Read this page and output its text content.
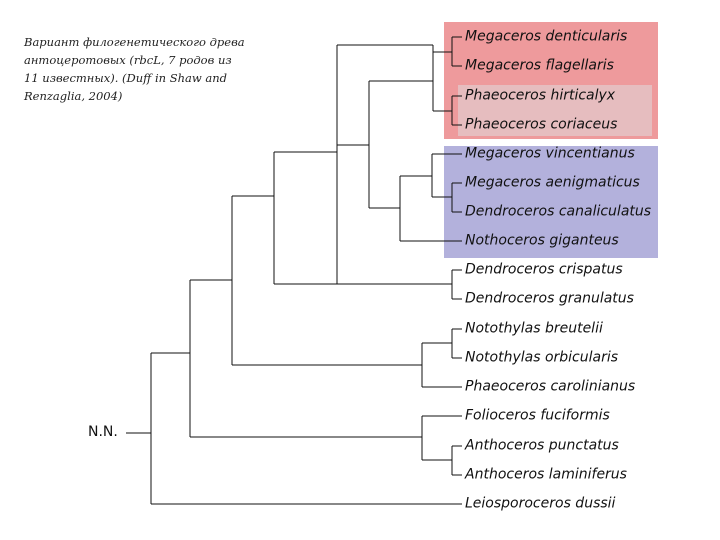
Вариант филогенетического древа антоцеротовых (rbcL, 7 родов из 11 известных). (Duff in Shaw and Renzaglia, 2004)
N.N.
Megaceros denticularis
Megaceros flagellaris
Phaeoceros hirticalyx
Phaeoceros coriaceus
Megaceros vincentianus
Megaceros aenigmaticus
Dendroceros canaliculatus
Nothoceros giganteus
Dendroceros crispatus
Dendroceros granulatus
Notothylas breutelii
Notothylas orbicularis
Phaeoceros carolinianus
Folioceros fuciformis
Anthoceros punctatus
Anthoceros laminiferus
Leiosporoceros dussii
